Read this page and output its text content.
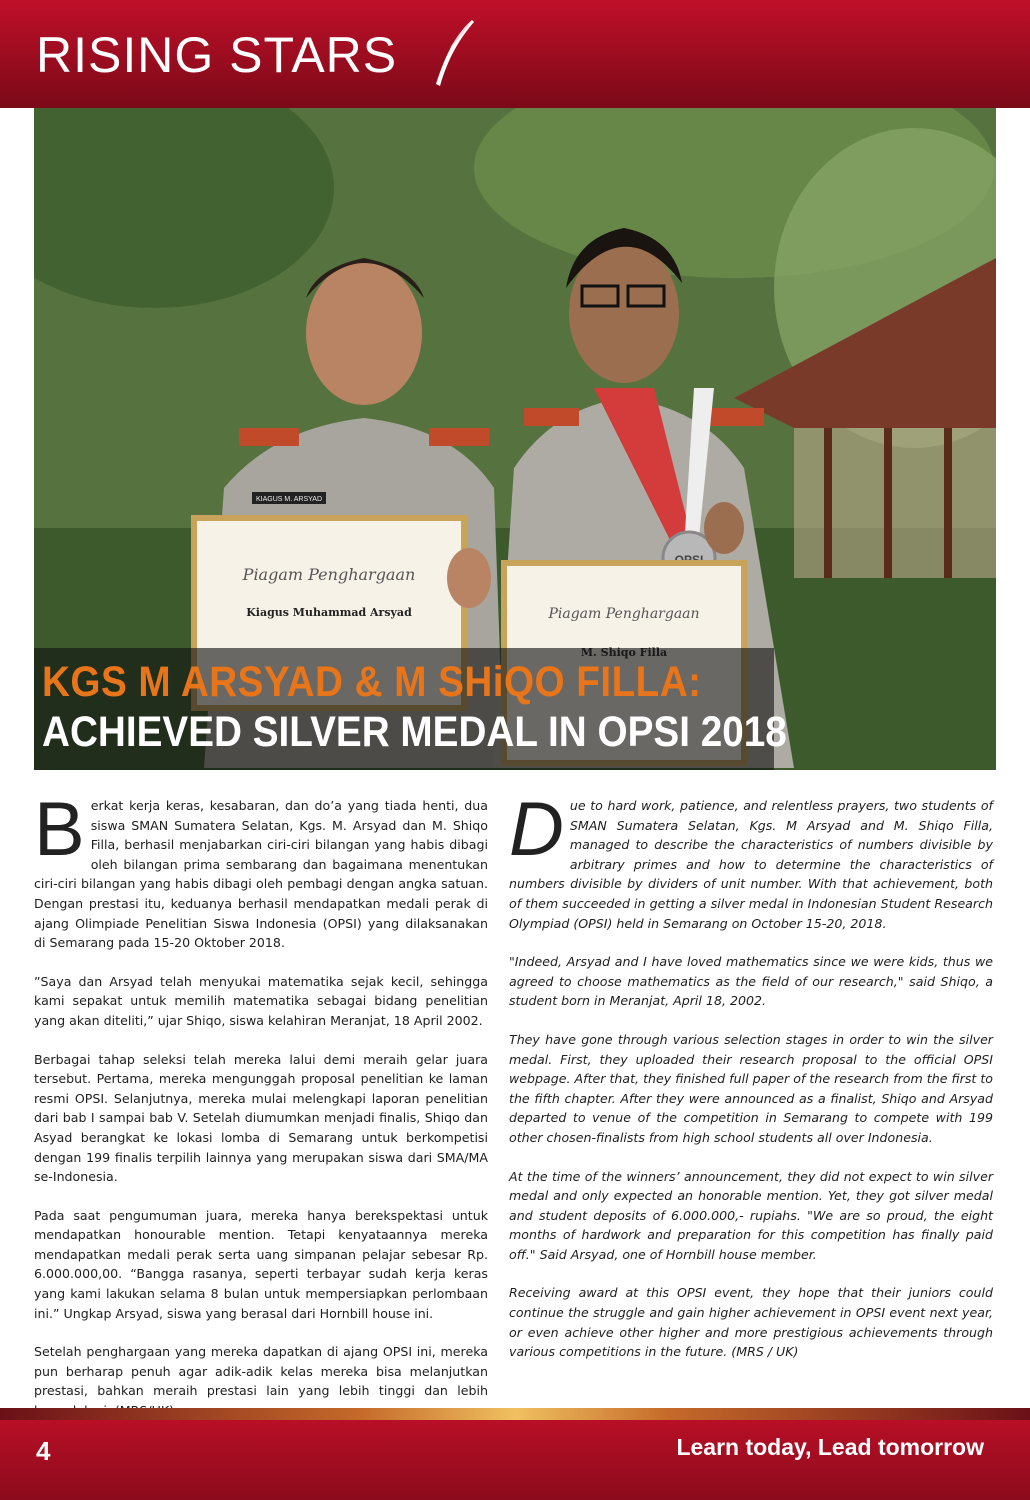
RISING STARS
KIAGUS M. ARSYAD
Piagam Penghargaan
Kiagus Muhammad Arsyad	Piagam Penghargaan
KGS M ARSYAD & M SHiQO FILLA:
ACHIEVED SILVER MEDAL IN OPSI 2018

Berkat kerja keras, kesabaran, dan do’a yang tiada henti, dua siswa SMAN Sumatera Selatan, Kgs. M. Arsyad dan M. Shiqo Filla, berhasil menjabarkan ciri-ciri bilangan yang habis dibagi oleh bilangan prima sembarang dan bagaimana menentukan ciri-ciri bilangan yang habis dibagi oleh pembagi dengan angka satuan. Dengan prestasi itu, keduanya berhasil mendapatkan medali perak di ajang Olimpiade Penelitian Siswa Indonesia (OPSI) yang dilaksanakan di Semarang pada 15-20 Oktober 2018.

”Saya dan Arsyad telah menyukai matematika sejak kecil, sehingga kami sepakat untuk memilih matematika sebagai bidang penelitian yang akan diteliti,” ujar Shiqo, siswa kelahiran Meranjat, 18 April 2002.

Berbagai tahap seleksi telah mereka lalui demi meraih gelar juara tersebut. Pertama, mereka mengunggah proposal penelitian ke laman resmi OPSI. Selanjutnya, mereka mulai melengkapi laporan penelitian dari bab I sampai bab V. Setelah diumumkan menjadi finalis, Shiqo dan Asyad berangkat ke lokasi lomba di Semarang untuk berkompetisi dengan 199 finalis terpilih lainnya yang merupakan siswa dari SMA/MA se-Indonesia.

Pada saat pengumuman juara, mereka hanya berekspektasi untuk mendapatkan honourable mention. Tetapi kenyataannya mereka mendapatkan medali perak serta uang simpanan pelajar sebesar Rp. 6.000.000,00. “Bangga rasanya, seperti terbayar sudah kerja keras yang kami lakukan selama 8 bulan untuk mempersiapkan perlombaan ini.” Ungkap Arsyad, siswa yang berasal dari Hornbill house ini.

Setelah penghargaan yang mereka dapatkan di ajang OPSI ini, mereka pun berharap penuh agar adik-adik kelas mereka bisa melanjutkan prestasi, bahkan meraih prestasi lain yang lebih tinggi dan lebih

Due to hard work, patience, and relentless prayers, two students of SMAN Sumatera Selatan, Kgs. M Arsyad and M. Shiqo Filla, managed to describe the characteristics of numbers divisible by arbitrary primes and how to determine the characteristics of numbers divisible by dividers of unit number. With that achievement, both of them succeeded in getting a silver medal in Indonesian Student Research Olympiad (OPSI) held in Semarang on October 15-20, 2018.

"Indeed, Arsyad and I have loved mathematics since we were kids, thus we agreed to choose mathematics as the field of our research," said Shiqo, a student born in Meranjat, April 18, 2002.

They have gone through various selection stages in order to win the silver medal. First, they uploaded their research proposal to the official OPSI webpage. After that, they finished full paper of the research from the first to the fifth chapter. After they were announced as a finalist, Shiqo and Arsyad departed to venue of the competition in Semarang to compete with 199 other chosen-finalists from high school students all over Indonesia.

At the time of the winners’ announcement, they did not expect to win silver medal and only expected an honorable mention. Yet, they got silver medal and student deposits of 6.000.000,- rupiahs. "We are so proud, the eight months of hardwork and preparation for this competition has finally paid off." Said Arsyad, one of Hornbill house member.

Receiving award at this OPSI event, they hope that their juniors could continue the struggle and gain higher achievement in OPSI event next year, or even achieve other higher and more prestigious achievements through various competitions in the future. (MRS / UK)

4	Learn today, Lead tomorrow
